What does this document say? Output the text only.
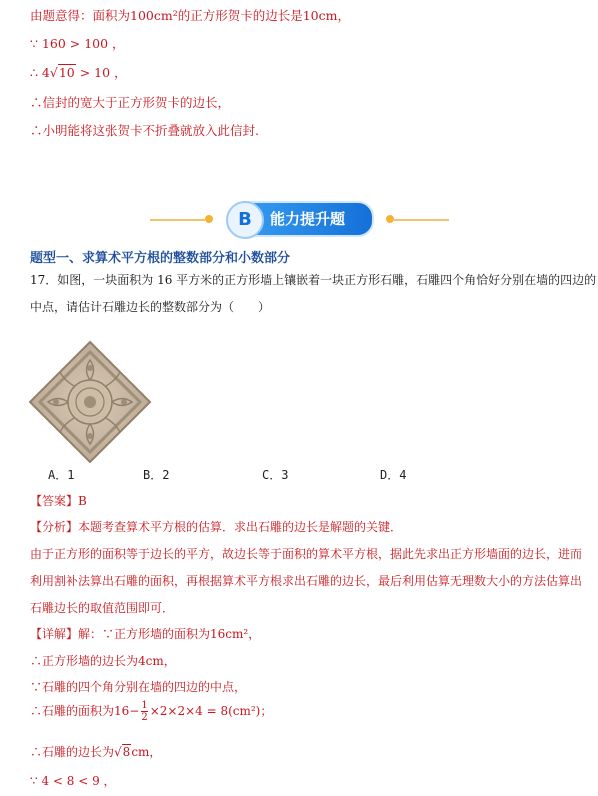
由题意得：面积为100cm²的正方形贺卡的边长是10cm，
∵ 160 > 100 ，
∴ 4√10 > 10 ，
∴信封的宽大于正方形贺卡的边长，
∴小明能将这张贺卡不折叠就放入此信封.
B	能力提升题
题型一、求算术平方根的整数部分和小数部分
17．如图，一块面积为 16 平方米的正方形墙上镶嵌着一块正方形石雕，石雕四个角恰好分别在墙的四边的
中点，请估计石雕边长的整数部分为（　　）
A．1	B．2	C．3	D．4
【答案】B
【分析】本题考查算术平方根的估算．求出石雕的边长是解题的关键．
由于正方形的面积等于边长的平方，故边长等于面积的算术平方根，据此先求出正方形墙面的边长，进而
利用割补法算出石雕的面积，再根据算术平方根求出石雕的边长，最后利用估算无理数大小的方法估算出
石雕边长的取值范围即可．
【详解】解：∵正方形墙的面积为16cm²，
∴正方形墙的边长为4cm，
∵石雕的四个角分别在墙的四边的中点，
∴石雕的面积为$16- \frac{1}{2} \times 2\times 2\times 4 = 8(cm^2)$；
∴石雕的边长为√8cm，
∵ 4 < 8 < 9 ，
